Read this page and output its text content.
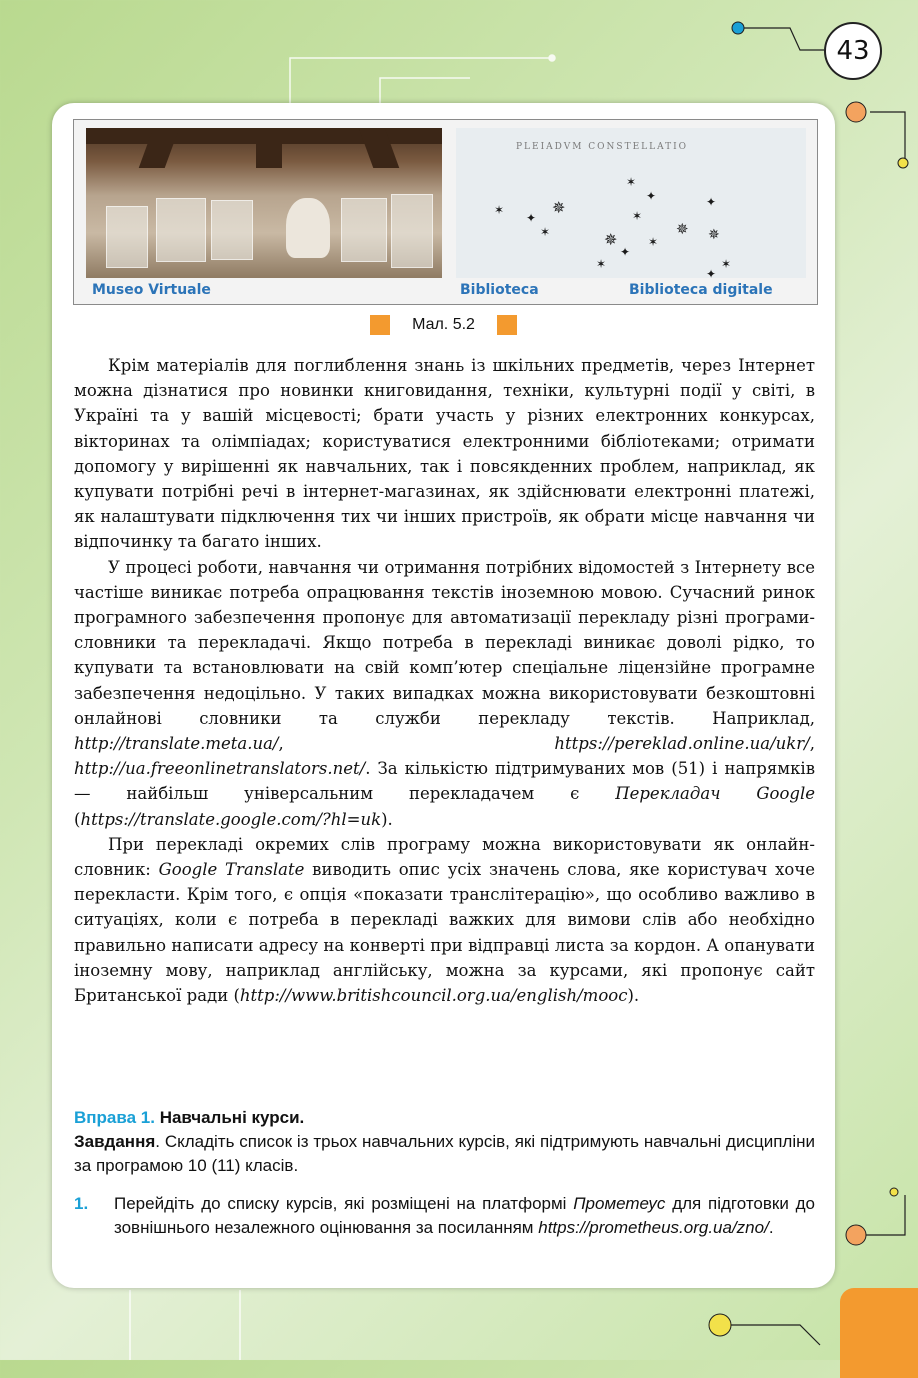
43
PLEIADVM CONSTELLATIO
✶
✦
✶	✵
✦
✦
✶
✵
✶	✵	✵
✶
✦
✶	✶
✦
Museo Virtuale	Biblioteca	Biblioteca digitale
Мал. 5.2

Крім матеріалів для поглиблення знань із шкільних предметів, через Інтернет можна дізнатися про новинки книговидання, техніки, культурні події у світі, в Україні та у вашій місцевості; брати участь у різних електронних конкурсах, вікторинах та олімпіадах; користуватися електронними бібліотеками; отримати допомогу у вирішенні як навчальних, так і повсякденних проблем, наприклад, як купувати потрібні речі в інтернет-магазинах, як здійснювати електронні платежі, як налаштувати підключення тих чи інших пристроїв, як обрати місце навчання чи відпочинку та багато інших.

У процесі роботи, навчання чи отримання потрібних відомостей з Інтернету все частіше виникає потреба опрацювання текстів іноземною мовою. Сучасний ринок програмного забезпечення пропонує для автоматизації перекладу різні програми-словники та перекладачі. Якщо потреба в перекладі виникає доволі рідко, то купувати та встановлювати на свій комп’ютер спеціальне ліцензійне програмне забезпечення недоцільно. У таких випадках можна використовувати безкоштовні онлайнові словники та служби перекладу текстів. Наприклад, http://translate.meta.ua/, https://pereklad.online.ua/ukr/, http://ua.freeonlinetranslators.net/. За кількістю підтримуваних мов (51) і напрямків — найбільш універсальним перекладачем є Перекладач Google (https://translate.google.com/?hl=uk).

При перекладі окремих слів програму можна використовувати як онлайн-словник: Google Translate виводить опис усіх значень слова, яке користувач хоче перекласти. Крім того, є опція «показати транслітерацію», що особливо важливо в ситуаціях, коли є потреба в перекладі важких для вимови слів або необхідно правильно написати адресу на конверті при відправці листа за кордон. А опанувати іноземну мову, наприклад англійську, можна за курсами, які пропонує сайт Британської ради (http://www.britishcouncil.org.ua/english/mooc).

Вправа 1. Навчальні курси.

Завдання. Складіть список із трьох навчальних курсів, які підтримують навчальні дисципліни за програмою 10 (11) класів.

1.	Перейдіть до списку курсів, які розміщені на платформі Прометеус для підготовки до зовнішнього незалежного оцінювання за посиланням https://prometheus.org.ua/zno/.
